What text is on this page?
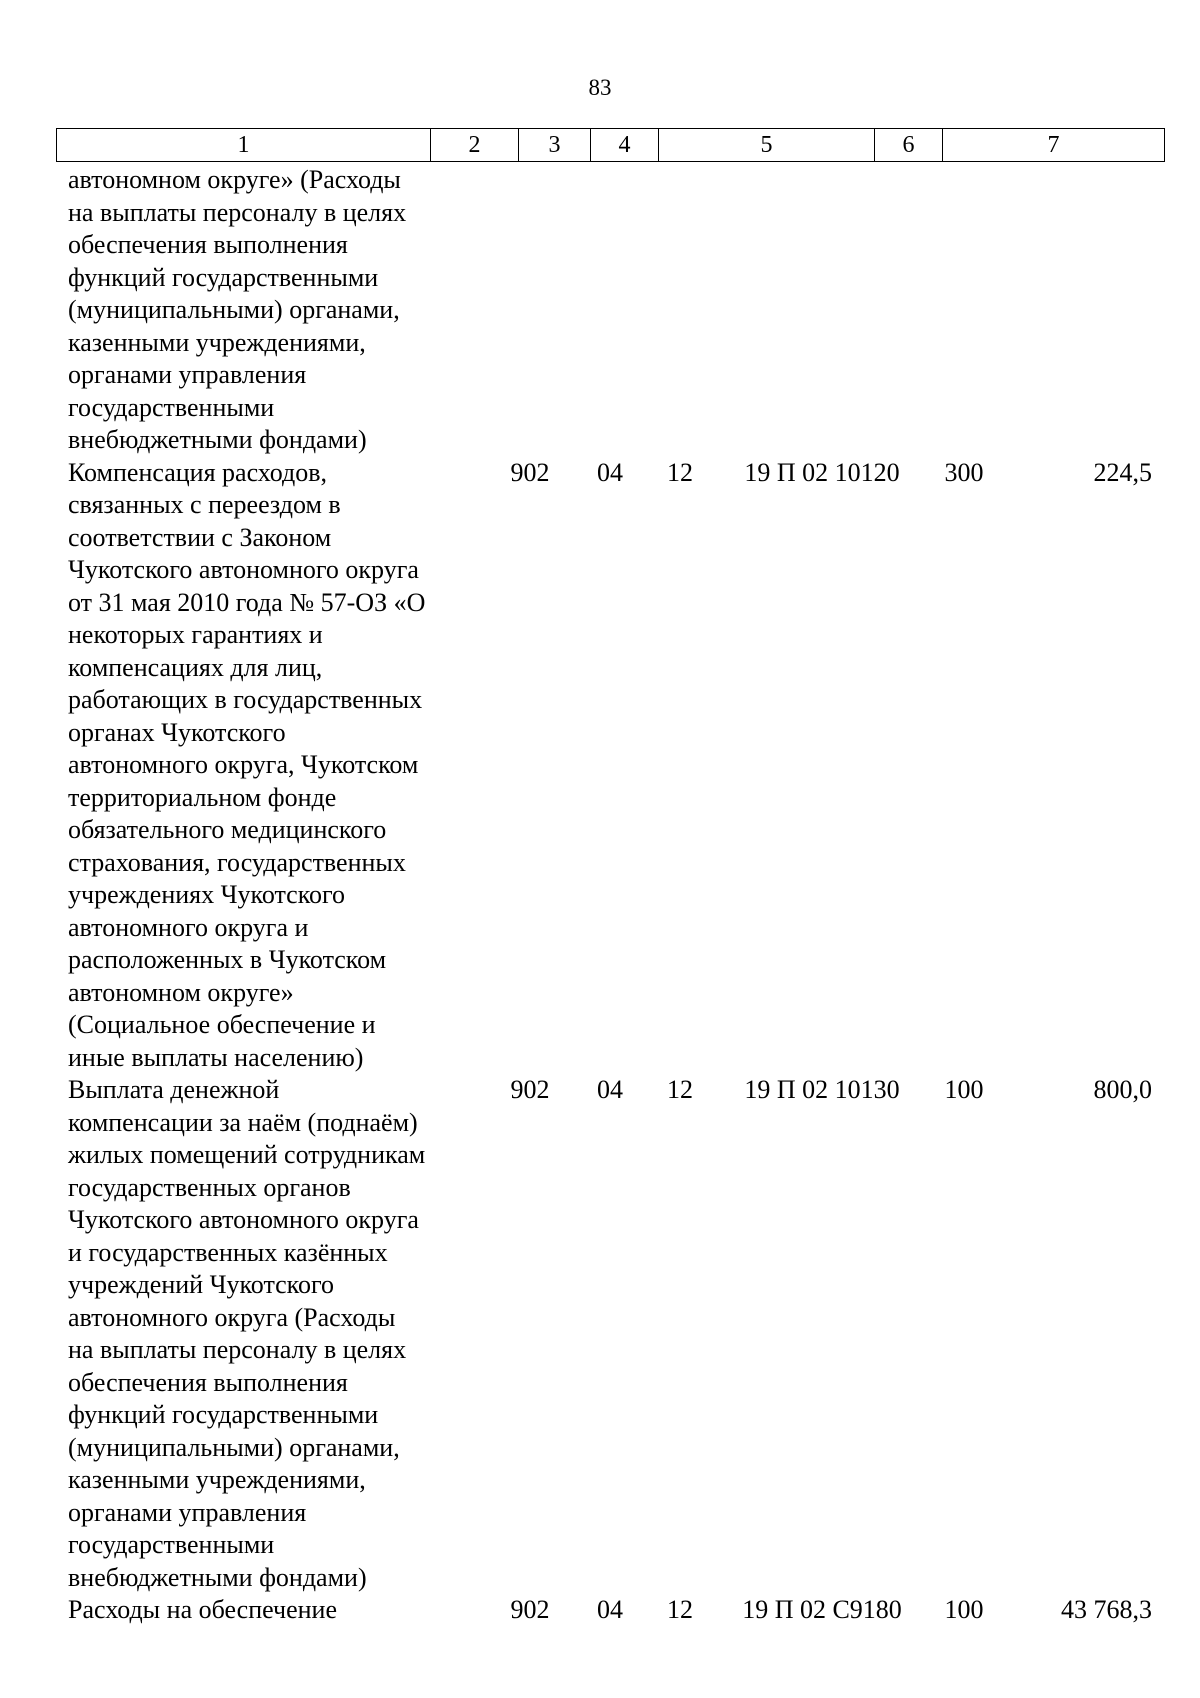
83
1	2	3	4	5	6	7
автономном округе» (Расходы
на выплаты персоналу в целях
обеспечения выполнения
функций государственными
(муниципальными) органами,
казенными учреждениями,
органами управления
государственными
внебюджетными фондами)
Компенсация расходов,
связанных с переездом в
соответствии с Законом
Чукотского автономного округа
от 31 мая 2010 года № 57-ОЗ «О
некоторых гарантиях и
компенсациях для лиц,
работающих в государственных
органах Чукотского
автономного округа, Чукотском
территориальном фонде
обязательного медицинского
страхования, государственных
учреждениях Чукотского
автономного округа и
расположенных в Чукотском
автономном округе»
(Социальное обеспечение и
иные выплаты населению)
902	04	12	19 П 02 10120	300	224,5
Выплата денежной
компенсации за наём (поднаём)
жилых помещений сотрудникам
государственных органов
Чукотского автономного округа
и государственных казённых
учреждений Чукотского
автономного округа (Расходы
на выплаты персоналу в целях
обеспечения выполнения
функций государственными
(муниципальными) органами,
казенными учреждениями,
органами управления
государственными
внебюджетными фондами)
902	04	12	19 П 02 10130	100	800,0
Расходы на обеспечение	902	04	12	19 П 02 С9180	100	43 768,3
